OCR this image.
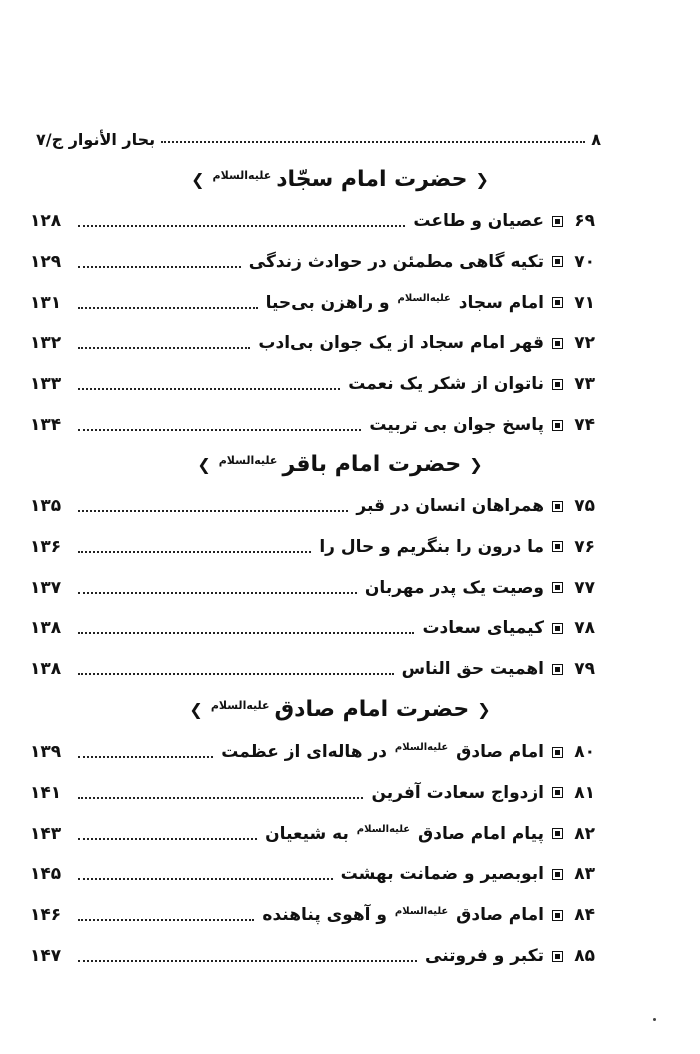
۸
بحار الأنوار ج/۷
❮
حضرت امام سجّاد
علیه‌السلام
❯
۶۹
عصیان و طاعت
۱۲۸
۷۰
تکیه گاهی مطمئن در حوادث زندگی
۱۲۹
۷۱
امام سجاد $^{علیه‌السلام}$ و راهزن بی‌حیا
۱۳۱
۷۲
قهر امام سجاد از یک جوان بی‌ادب
۱۳۲
۷۳
ناتوان از شکر یک نعمت
۱۳۳
۷۴
پاسخ جوان بی تربیت
۱۳۴
❮
حضرت امام باقر
علیه‌السلام
❯
۷۵
همراهان انسان در قبر
۱۳۵
۷۶
ما درون را بنگریم و حال را
۱۳۶
۷۷
وصیت یک پدر مهربان
۱۳۷
۷۸
کیمیای سعادت
۱۳۸
۷۹
اهمیت حق الناس
۱۳۸
❮
حضرت امام صادق
علیه‌السلام
❯
۸۰
امام صادق $^{علیه‌السلام}$ در هاله‌ای از عظمت
۱۳۹
۸۱
ازدواج سعادت آفرین
۱۴۱
۸۲
پیام امام صادق $^{علیه‌السلام}$ به شیعیان
۱۴۳
۸۳
ابوبصیر و ضمانت بهشت
۱۴۵
۸۴
امام صادق $^{علیه‌السلام}$ و آهوی پناهنده
۱۴۶
۸۵
تکبر و فروتنی
۱۴۷
